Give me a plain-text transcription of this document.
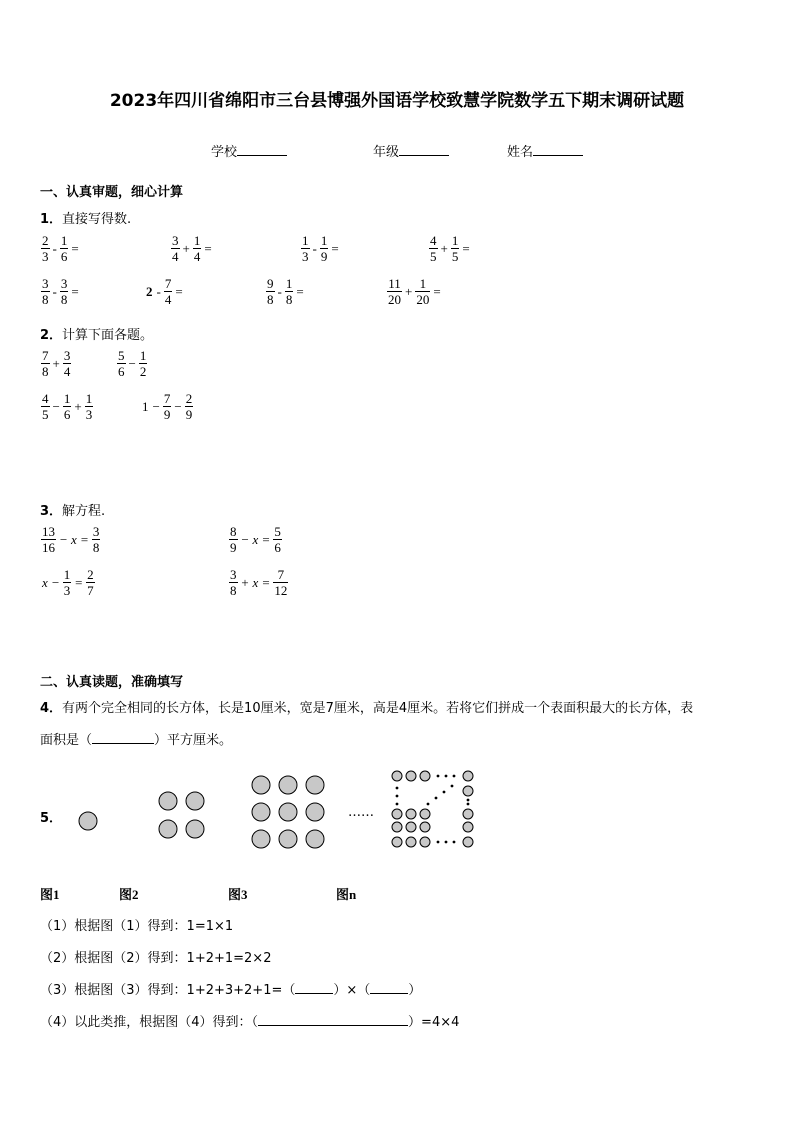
2023年四川省绵阳市三台县博强外国语学校致慧学院数学五下期末调研试题
学校	年级	姓名
一、认真审题，细心计算
1．直接写得数.
$\frac{2}{3} - \frac{1}{6}$ =	$\frac{3}{4} + \frac{1}{4}$ =	$\frac{1}{3} - \frac{1}{9}$ =	$\frac{4}{5} + \frac{1}{5}$ =
$\frac{3}{8} - \frac{3}{8}$ =	$2 - \frac{7}{4}$ =	$\frac{9}{8} - \frac{1}{8}$ =	$\frac{11}{20} + \frac{1}{20}$ =
2．计算下面各题。
$\frac{7}{8} + \frac{3}{4}$	$\frac{5}{6} - \frac{1}{2}$
$\frac{4}{5} - \frac{1}{6} + \frac{1}{3}$	$1 - \frac{7}{9} - \frac{2}{9}$
3．解方程.
$\frac{13}{16} - x = \frac{3}{8}$	$\frac{8}{9} - x = \frac{5}{6}$
$x - \frac{1}{3} = \frac{2}{7}$	$\frac{3}{8} + x = \frac{7}{12}$
二、认真读题，准确填写
4．有两个完全相同的长方体，长是10厘米，宽是7厘米，高是4厘米。若将它们拼成一个表面积最大的长方体，表
面积是（	）平方厘米。
5．	……
图1	图2	图3	图n
（1）根据图（1）得到：1=1×1
（2）根据图（2）得到：1+2+1=2×2
（3）根据图（3）得到：1+2+3+2+1=（	）×（	）
（4）以此类推，根据图（4）得到：（	）=4×4
